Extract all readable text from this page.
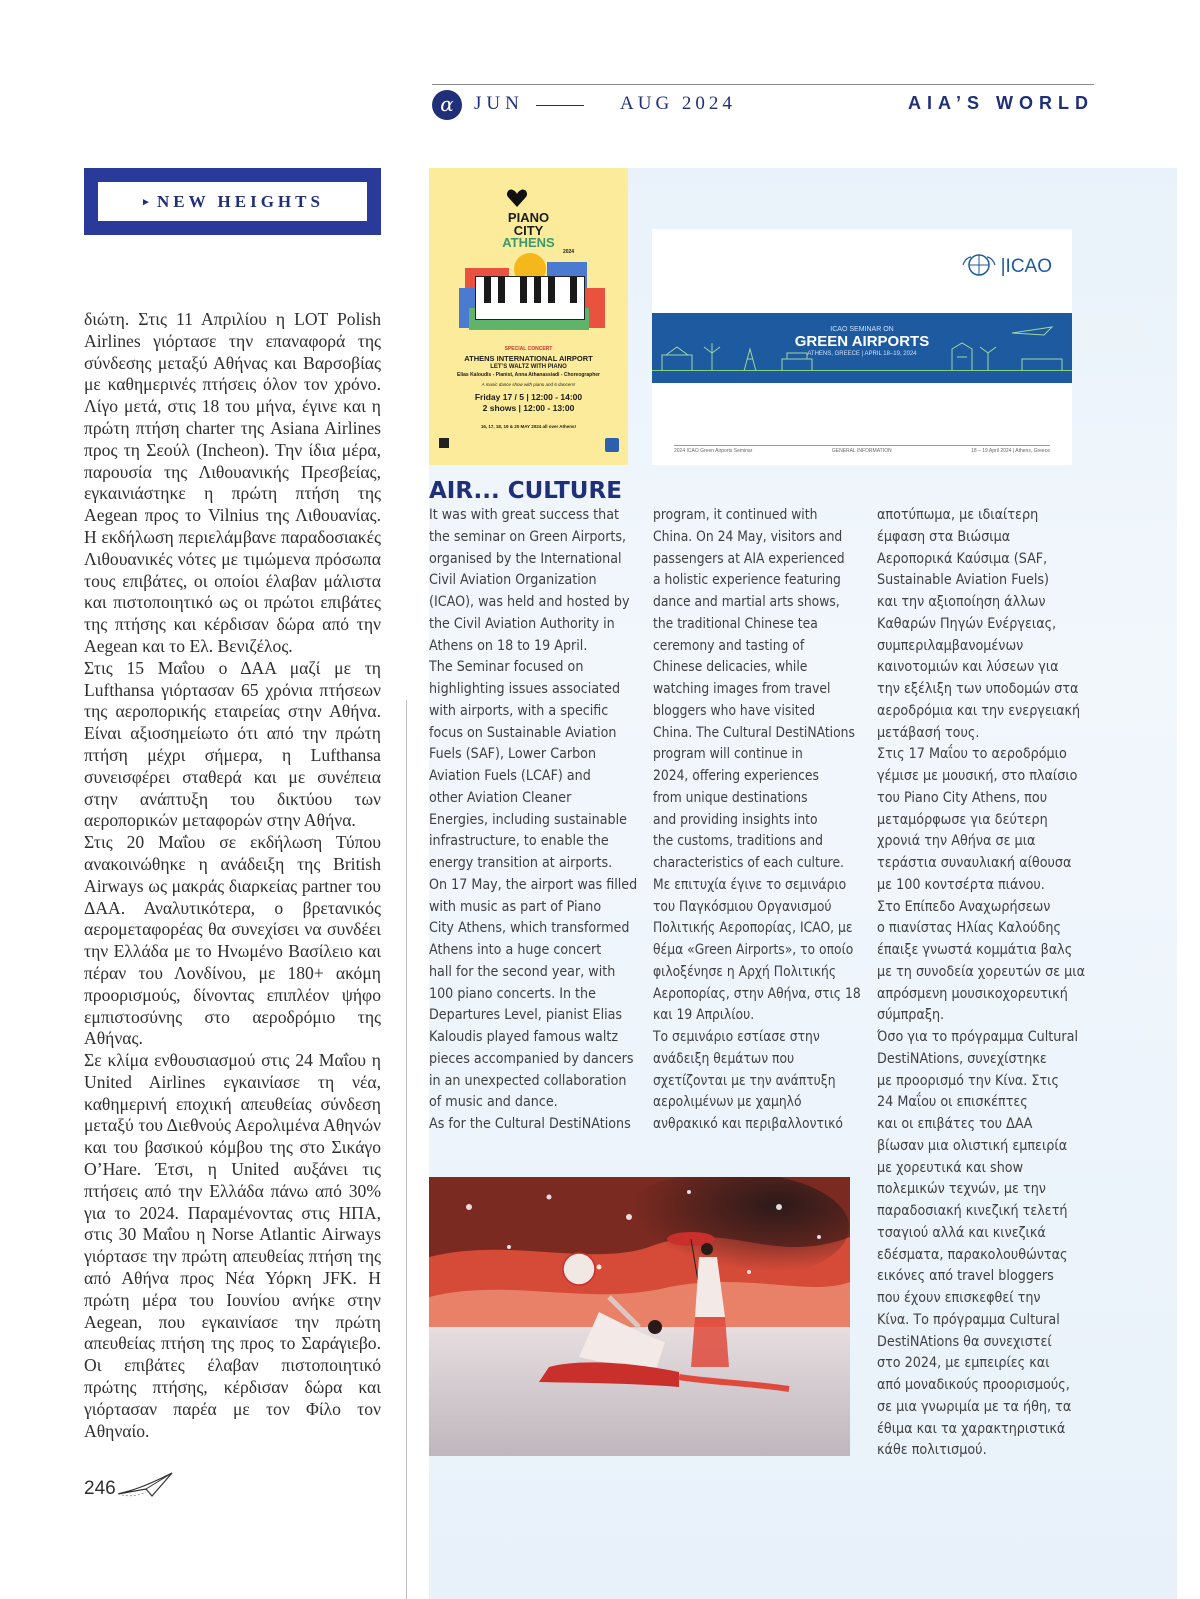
α	JUN	AUG 2024	AIA’S WORLD
► NEW HEIGHTS

διώτη. Στις 11 Απριλίου η LOT Polish Airlines γιόρτασε την επαναφορά της σύνδεσης μεταξύ Αθήνας και Βαρσοβίας με καθημερινές πτήσεις όλον τον χρόνο. Λίγο μετά, στις 18 του μήνα, έγινε και η πρώτη πτήση charter της Asiana Airlines προς τη Σεούλ (Incheon). Την ίδια μέρα, παρουσία της Λιθουανικής Πρεσβείας, εγκαινιάστηκε η πρώτη πτήση της Aegean προς το Vilnius της Λιθουανίας. Η εκδήλωση περιελάμβανε παραδοσιακές Λιθουανικές νότες με τιμώμενα πρόσωπα τους επιβάτες, οι οποίοι έλαβαν μάλιστα και πιστοποιητικό ως οι πρώτοι επιβάτες της πτήσης και κέρδισαν δώρα από την Aegean και το Ελ. Βενιζέλος.

Στις 15 Μαΐου ο ΔΑΑ μαζί με τη Lufthansa γιόρτασαν 65 χρόνια πτήσεων της αεροπορικής εταιρείας στην Αθήνα. Είναι αξιοσημείωτο ότι από την πρώτη πτήση μέχρι σήμερα, η Lufthansa συνεισφέρει σταθερά και με συνέπεια στην ανάπτυξη του δικτύου των αεροπορικών μεταφορών στην Αθήνα.

Στις 20 Μαΐου σε εκδήλωση Τύπου ανακοινώθηκε η ανάδειξη της British Airways ως μακράς διαρκείας partner του ΔΑΑ. Αναλυτικότερα, ο βρετανικός αερομεταφορέας θα συνεχίσει να συνδέει την Ελλάδα με το Ηνωμένο Βασίλειο και πέραν του Λονδίνου, με 180+ ακόμη προορισμούς, δίνοντας επιπλέον ψήφο εμπιστοσύνης στο αεροδρόμιο της Αθήνας.

Σε κλίμα ενθουσιασμού στις 24 Μαΐου η United Airlines εγκαινίασε τη νέα, καθημερινή εποχική απευθείας σύνδεση μεταξύ του Διεθνούς Αερολιμένα Αθηνών και του βασικού κόμβου της στο Σικάγο O’Hare. Έτσι, η United αυξάνει τις πτήσεις από την Ελλάδα πάνω από 30% για το 2024. Παραμένοντας στις ΗΠΑ, στις 30 Μαΐου η Norse Atlantic Airways γιόρτασε την πρώτη απευθείας πτήση της από Αθήνα προς Νέα Υόρκη JFK. Η πρώτη μέρα του Ιουνίου ανήκε στην Aegean, που εγκαινίασε την πρώτη απευθείας πτήση της προς το Σαράγιεβο. Οι επιβάτες έλαβαν πιστοποιητικό πρώτης πτήσης, κέρδισαν δώρα και γιόρτασαν παρέα με τον Φίλο τον Αθηναίο.

246
PIANO
CITY
ATHENS
2024
SPECIAL CONCERT
ATHENS INTERNATIONAL AIRPORT
LET’S WALTZ WITH PIANO
Elias Kaloudis - Pianist, Anna Athanassiadi - Choreographer
A music dance show with piano and 6 dancers!
Friday 17 / 5 | 12:00 - 14:00
2 shows | 12:00 - 13:00
16, 17, 18, 19 & 20 MAY 2024 all over Athens!
|ICAO
ICAO SEMINAR ON
GREEN AIRPORTS
ATHENS, GREECE | APRIL 18–19, 2024
2024 ICAO Green Airports Seminar	GENERAL INFORMATION	18 – 19 April 2024 | Athens, Greece
AIR... CULTURE

It was with great success that
the seminar on Green Airports,
organised by the International
Civil Aviation Organization
(ICAO), was held and hosted by
the Civil Aviation Authority in
Athens on 18 to 19 April.
The Seminar focused on
highlighting issues associated
with airports, with a specific
focus on Sustainable Aviation
Fuels (SAF), Lower Carbon
Aviation Fuels (LCAF) and
other Aviation Cleaner
Energies, including sustainable
infrastructure, to enable the
energy transition at airports.
On 17 May, the airport was filled
with music as part of Piano
City Athens, which transformed
Athens into a huge concert
hall for the second year, with
100 piano concerts. In the
Departures Level, pianist Elias
Kaloudis played famous waltz
pieces accompanied by dancers
in an unexpected collaboration
of music and dance.
As for the Cultural DestiNAtions

program, it continued with
China. On 24 May, visitors and
passengers at AIA experienced
a holistic experience featuring
dance and martial arts shows,
the traditional Chinese tea
ceremony and tasting of
Chinese delicacies, while
watching images from travel
bloggers who have visited
China. The Cultural DestiNAtions
program will continue in
2024, offering experiences
from unique destinations
and providing insights into
the customs, traditions and
characteristics of each culture.
Με επιτυχία έγινε το σεμινάριο
του Παγκόσμιου Οργανισμού
Πολιτικής Αεροπορίας, ICAO, με
θέμα «Green Airports», το οποίο
φιλοξένησε η Αρχή Πολιτικής
Αεροπορίας, στην Αθήνα, στις 18
και 19 Απριλίου.
Το σεμινάριο εστίασε στην
ανάδειξη θεμάτων που
σχετίζονται με την ανάπτυξη
αερολιμένων με χαμηλό
ανθρακικό και περιβαλλοντικό

αποτύπωμα, με ιδιαίτερη
έμφαση στα Βιώσιμα
Αεροπορικά Καύσιμα (SAF,
Sustainable Aviation Fuels)
και την αξιοποίηση άλλων
Καθαρών Πηγών Ενέργειας,
συμπεριλαμβανομένων
καινοτομιών και λύσεων για
την εξέλιξη των υποδομών στα
αεροδρόμια και την ενεργειακή
μετάβασή τους.
Στις 17 Μαΐου το αεροδρόμιο
γέμισε με μουσική, στο πλαίσιο
του Piano City Athens, που
μεταμόρφωσε για δεύτερη
χρονιά την Αθήνα σε μια
τεράστια συναυλιακή αίθουσα
με 100 κοντσέρτα πιάνου.
Στο Επίπεδο Αναχωρήσεων
ο πιανίστας Ηλίας Καλούδης
έπαιξε γνωστά κομμάτια βαλς
με τη συνοδεία χορευτών σε μια
απρόσμενη μουσικοχορευτική
σύμπραξη.
Όσο για το πρόγραμμα Cultural
DestiNAtions, συνεχίστηκε
με προορισμό την Κίνα. Στις
24 Μαΐου οι επισκέπτες
και οι επιβάτες του ΔΑΑ
βίωσαν μια ολιστική εμπειρία
με χορευτικά και show
πολεμικών τεχνών, με την
παραδοσιακή κινεζική τελετή
τσαγιού αλλά και κινεζικά
εδέσματα, παρακολουθώντας
εικόνες από travel bloggers
που έχουν επισκεφθεί την
Κίνα. Το πρόγραμμα Cultural
DestiNAtions θα συνεχιστεί
στο 2024, με εμπειρίες και
από μοναδικούς προορισμούς,
σε μια γνωριμία με τα ήθη, τα
έθιμα και τα χαρακτηριστικά
κάθε πολιτισμού.
